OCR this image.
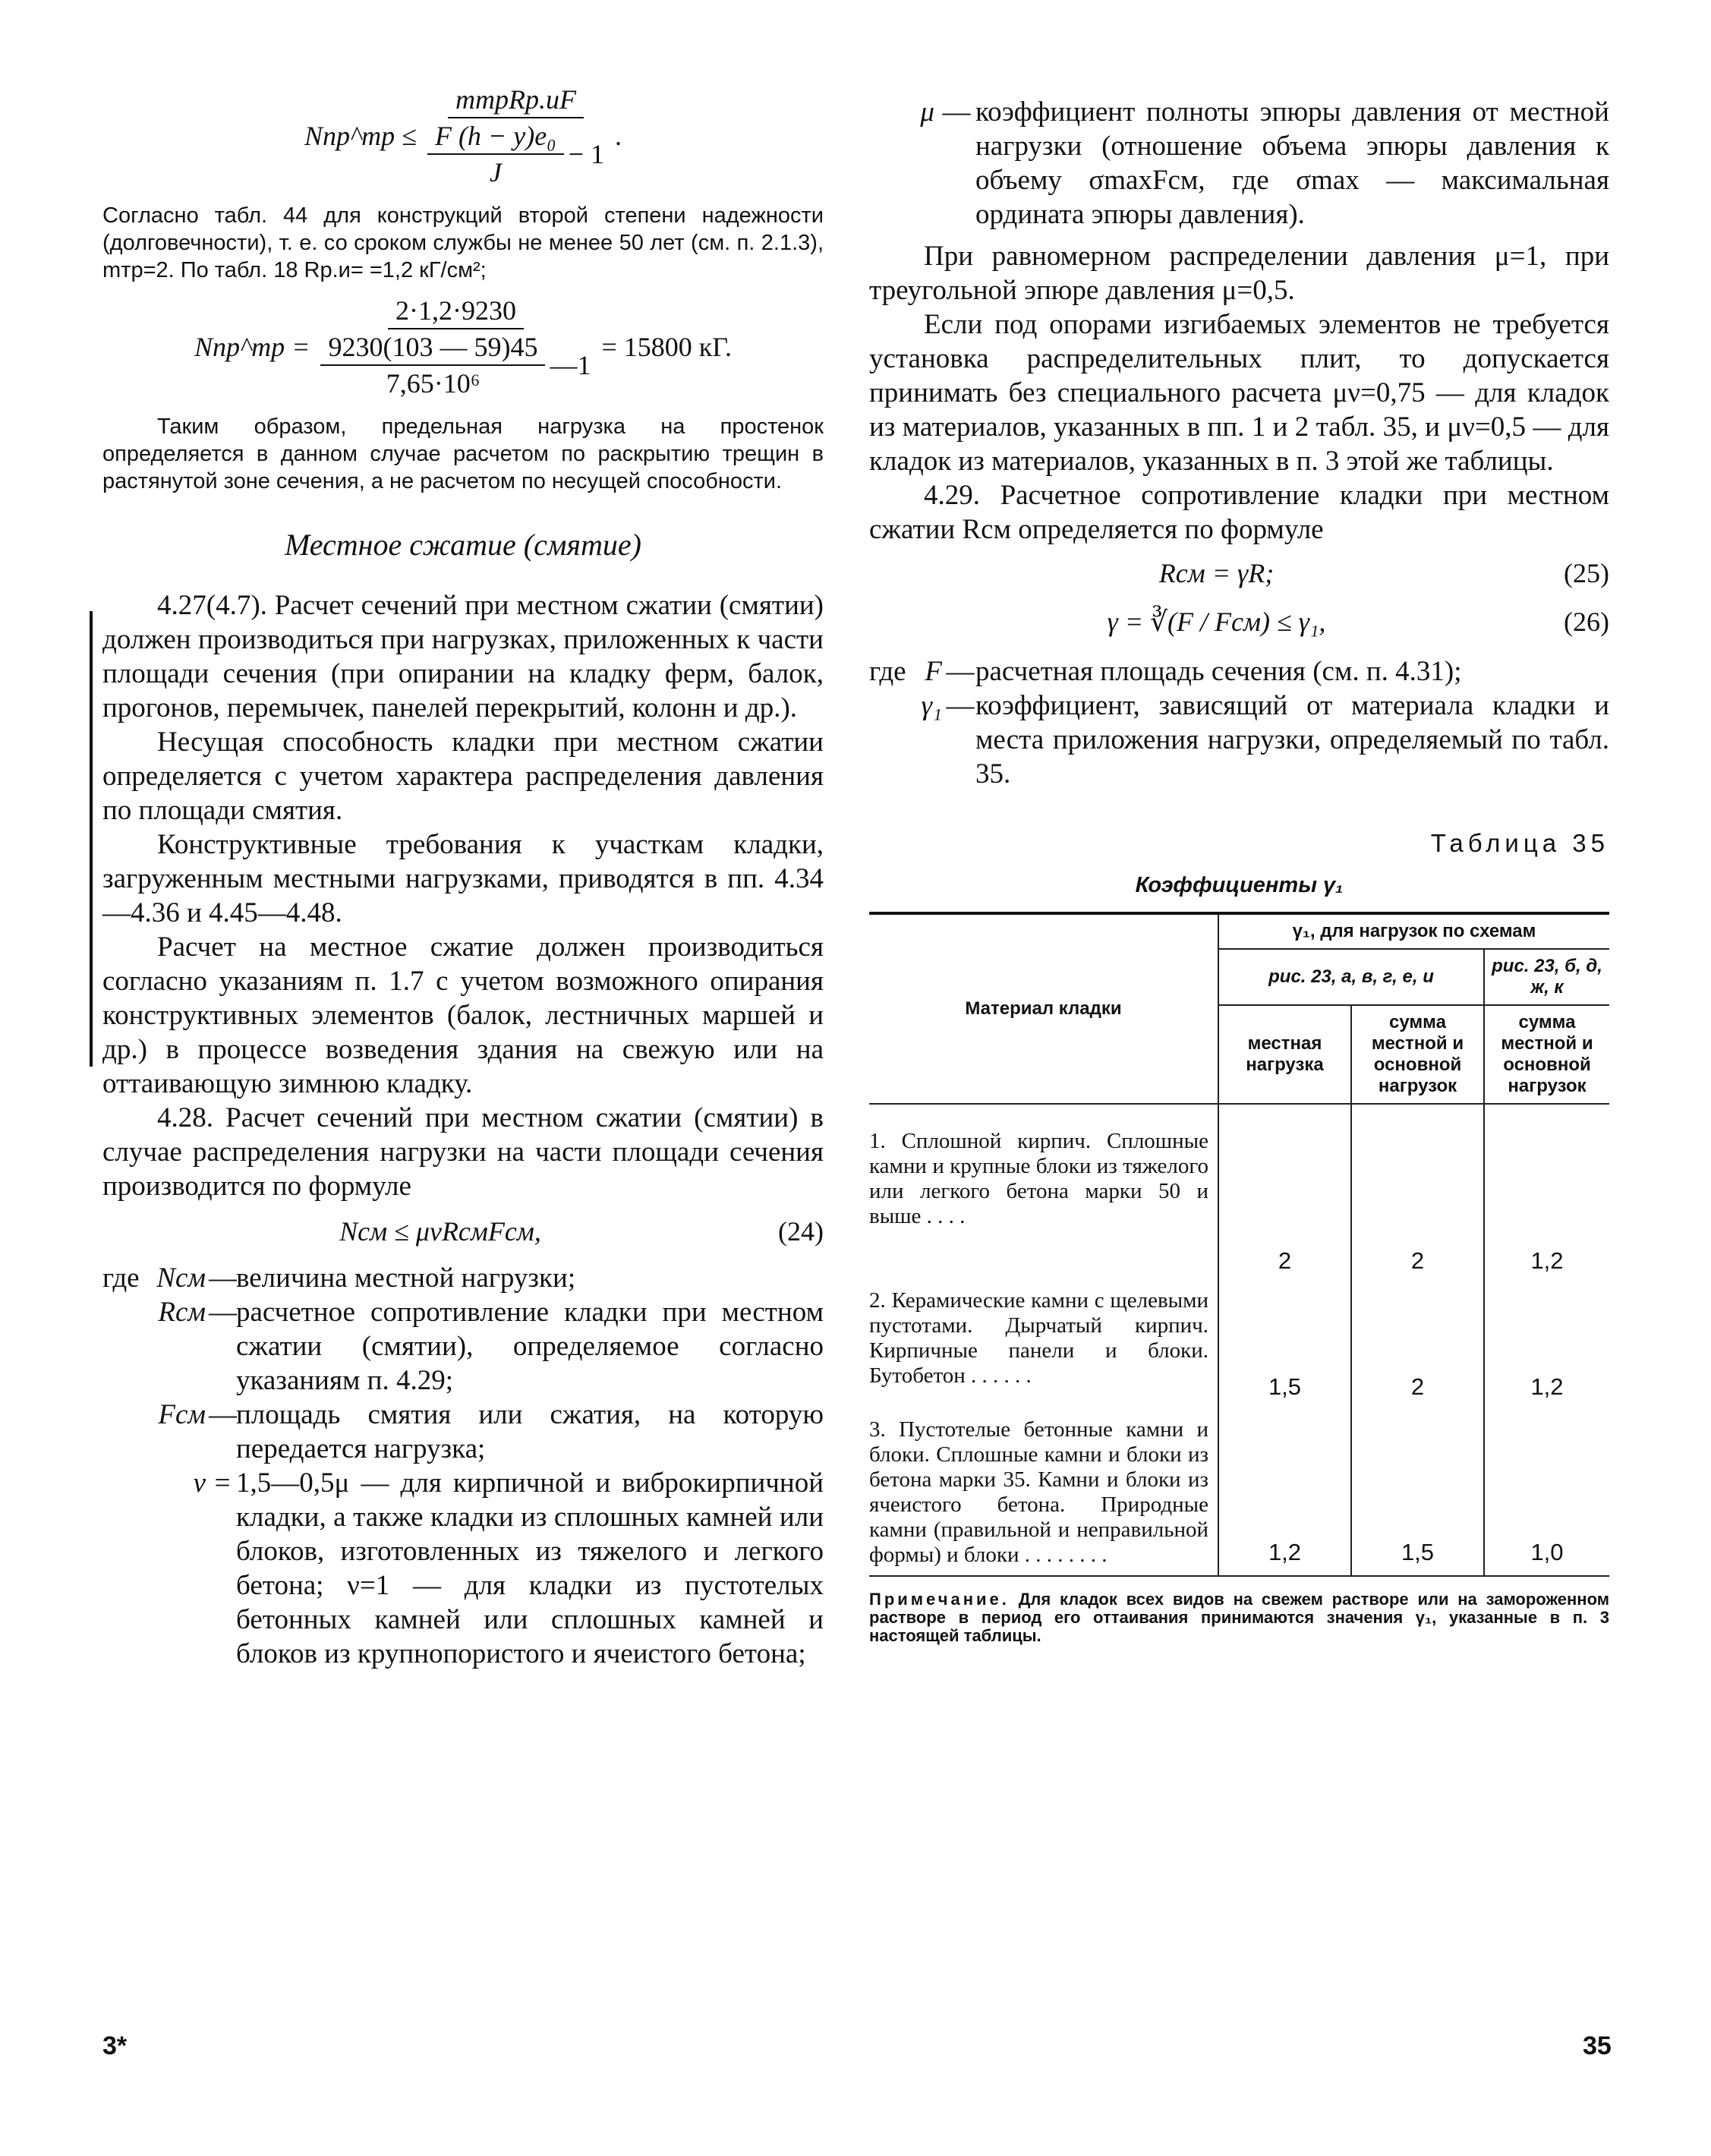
Nпр^тр ≤ $\frac{\text{mтрRр.иF}}{\frac{\text{F (h − y)e₀}}{J} - 1}$ .

Согласно табл. 44 для конструкций второй степени надежности (долговечности), т. е. со сроком службы не менее 50 лет (см. п. 2.1.3), mтр=2. По табл. 18 Rр.и= =1,2 кГ/см²;

Nпр^тр = $\frac{2\cdot 1,2\cdot 9230}{\frac{9230(103 — 59)45}{\text{7,65·10⁶}} —1} = 15800$ кГ.

Таким образом, предельная нагрузка на простенок определяется в данном случае расчетом по раскрытию трещин в растянутой зоне сечения, а не расчетом по несущей способности.

Местное сжатие (смятие)

4.27(4.7). Расчет сечений при местном сжатии (смятии) должен производиться при нагрузках, приложенных к части площади сечения (при опирании на кладку ферм, балок, прогонов, перемычек, панелей перекрытий, колонн и др.).

Несущая способность кладки при местном сжатии определяется с учетом характера распределения давления по площади смятия.

Конструктивные требования к участкам кладки, загруженным местными нагрузками, приводятся в пп. 4.34—4.36 и 4.45—4.48.

Расчет на местное сжатие должен производиться согласно указаниям п. 1.7 с учетом возможного опирания конструктивных элементов (балок, лестничных маршей и др.) в процессе возведения здания на свежую или на оттаивающую зимнюю кладку.

4.28. Расчет сечений при местном сжатии (смятии) в случае распределения нагрузки на части площади сечения производится по формуле

Nсм ≤ μνRсмFсм,	(24)
где Nсм — величина местной нагрузки;
Rсм — расчетное сопротивление кладки при местном сжатии (смятии), определяемое согласно указаниям п. 4.29;
Fсм — площадь смятия или сжатия, на которую передается нагрузка;
ν = 1,5—0,5μ — для кирпичной и виброкирпичной кладки, а также кладки из сплошных камней или блоков, изготовленных из тяжелого и легкого бетона; ν=1 — для кладки из пустотелых бетонных камней или сплошных камней и блоков из крупнопористого и ячеистого бетона;
μ — коэффициент полноты эпюры давления от местной нагрузки (отношение объема эпюры давления к объему σmaxFсм, где σmax — максимальная ордината эпюры давления).

При равномерном распределении давления μ=1, при треугольной эпюре давления μ=0,5.

Если под опорами изгибаемых элементов не требуется установка распределительных плит, то допускается принимать без специального расчета μν=0,75 — для кладок из материалов, указанных в пп. 1 и 2 табл. 35, и μν=0,5 — для кладок из материалов, указанных в п. 3 этой же таблицы.

4.29. Расчетное сопротивление кладки при местном сжатии Rсм определяется по формуле

Rсм = γR;	(25)
γ = ∛(F / Fсм) ≤ γ₁,	(26)
где F — расчетная площадь сечения (см. п. 4.31);
γ₁ — коэффициент, зависящий от материала кладки и места приложения нагрузки, определяемый по табл. 35.
Таблица 35
Коэффициенты γ₁
Материал кладки	γ₁, для нагрузок по схемам		
	рис. 23, а, в, г, е, и		рис. 23, б, д, ж, к
	местная нагрузка	сумма местной и основной нагрузок	сумма местной и основной нагрузок
1. Сплошной кирпич. Сплошные камни и крупные блоки из тяжелого или легкого бетона марки 50 и выше . . . .	2	2	1,2
2. Керамические камни с щелевыми пустотами. Дырчатый кирпич. Кирпичные панели и блоки. Бутобетон . . . . . .	1,5	2	1,2
3. Пустотелые бетонные камни и блоки. Сплошные камни и блоки из бетона марки 35. Камни и блоки из ячеистого бетона. Природные камни (правильной и неправильной формы) и блоки . . . . . . . .	1,2	1,5	1,0

Примечание. Для кладок всех видов на свежем растворе или на замороженном растворе в период его оттаивания принимаются значения γ₁, указанные в п. 3 настоящей таблицы.

3*	35
